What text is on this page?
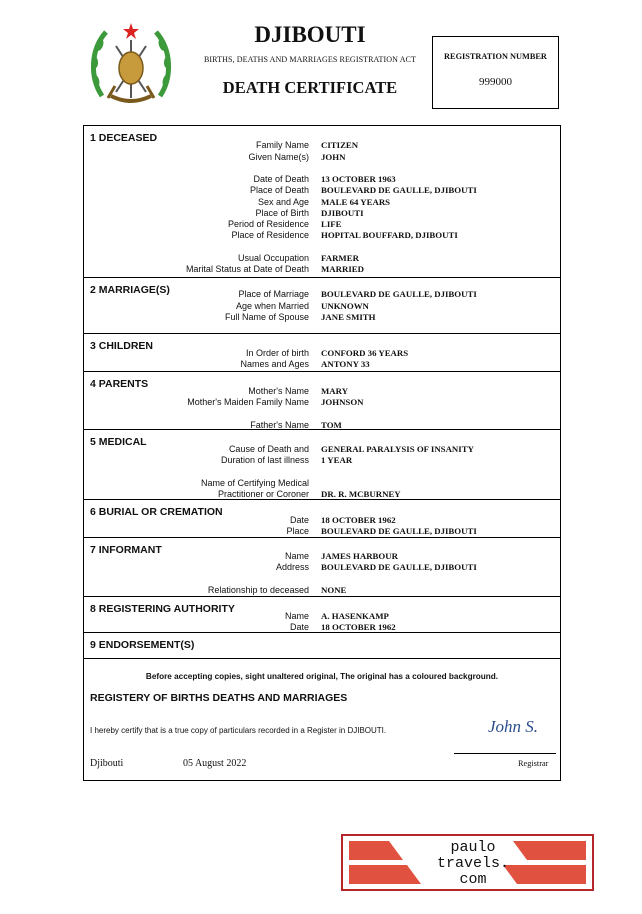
DJIBOUTI
BIRTHS, DEATHS AND MARRIAGES REGISTRATION ACT
DEATH CERTIFICATE
REGISTRATION NUMBER
999000
1 DECEASED
Family Name CITIZEN
Given Name(s) JOHN
Date of Death 13 OCTOBER 1963
Place of Death BOULEVARD DE GAULLE, DJIBOUTI
Sex and Age MALE 64 YEARS
Place of Birth DJIBOUTI
Period of Residence LIFE
Place of Residence HOPITAL BOUFFARD, DJIBOUTI
Usual Occupation FARMER
Marital Status at Date of Death MARRIED
2 MARRIAGE(S)	Place of Marriage BOULEVARD DE GAULLE, DJIBOUTI
Age when Married UNKNOWN
Full Name of Spouse JANE SMITH
3 CHILDREN
In Order of birth CONFORD 36 YEARS
Names and Ages ANTONY 33
4 PARENTS
Mother's Name MARY
Mother's Maiden Family Name JOHNSON
Father's Name TOM
5 MEDICAL
Cause of Death and GENERAL PARALYSIS OF INSANITY
Duration of last illness 1 YEAR
Name of Certifying Medical
Practitioner or Coroner DR. R. MCBURNEY
6 BURIAL OR CREMATION
Date 18 OCTOBER 1962
Place BOULEVARD DE GAULLE, DJIBOUTI
7 INFORMANT	Name JAMES HARBOUR
Address BOULEVARD DE GAULLE, DJIBOUTI
Relationship to deceased NONE
8 REGISTERING AUTHORITY
Name A. HASENKAMP
Date 18 OCTOBER 1962
9 ENDORSEMENT(S)
Before accepting copies, sight unaltered original, The original has a coloured background.
REGISTERY OF BIRTHS DEATHS AND MARRIAGES
I hereby certify that is a true copy of particulars recorded in a Register in DJIBOUTI.	John S.
Djibouti	05 August 2022	Registrar
paulo
travels.
com
